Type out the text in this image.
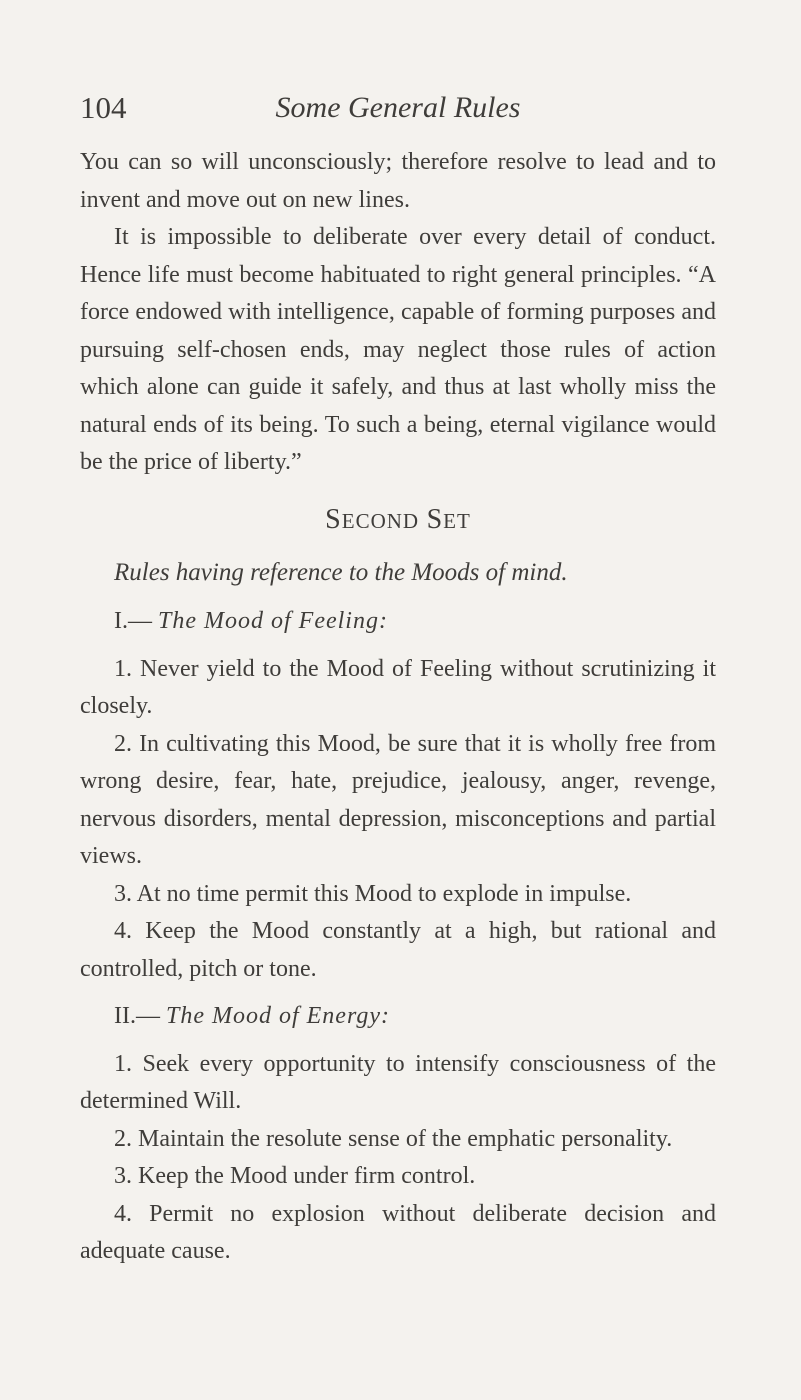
104	Some General Rules

You can so will unconsciously; therefore resolve to lead and to invent and move out on new lines.

It is impossible to deliberate over every detail of conduct. Hence life must become habituated to right general principles. “A force endowed with intelligence, capable of forming purposes and pursuing self-chosen ends, may neglect those rules of action which alone can guide it safely, and thus at last wholly miss the natural ends of its being. To such a being, eternal vigilance would be the price of liberty.”

SECOND SET

Rules having reference to the Moods of mind.

I.— The Mood of Feeling:

1. Never yield to the Mood of Feeling without scrutinizing it closely.

2. In cultivating this Mood, be sure that it is wholly free from wrong desire, fear, hate, prejudice, jealousy, anger, revenge, nervous disorders, mental depression, misconceptions and partial views.

3. At no time permit this Mood to explode in impulse.

4. Keep the Mood constantly at a high, but rational and controlled, pitch or tone.

II.— The Mood of Energy:

1. Seek every opportunity to intensify consciousness of the determined Will.

2. Maintain the resolute sense of the emphatic personality.

3. Keep the Mood under firm control.

4. Permit no explosion without deliberate decision and adequate cause.
